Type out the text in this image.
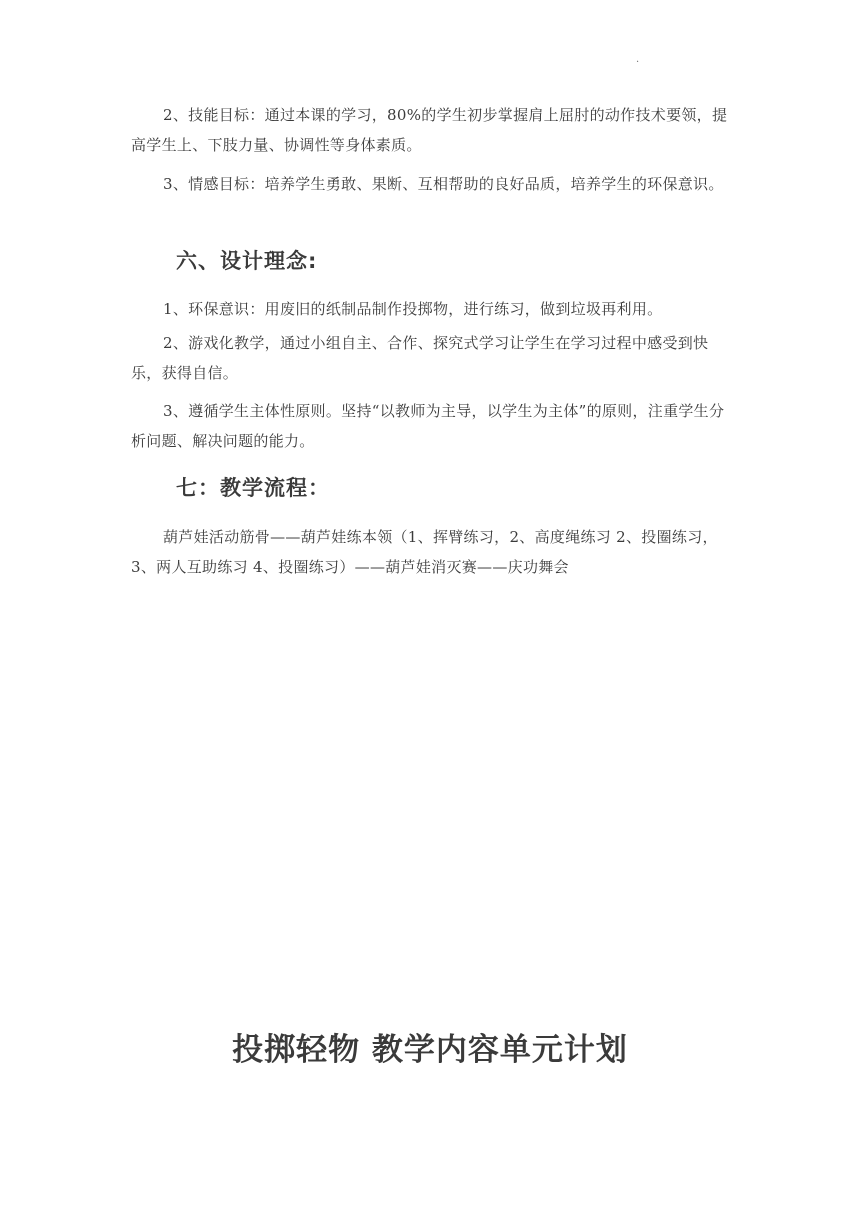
·

2、技能目标：通过本课的学习，80%的学生初步掌握肩上屈肘的动作技术要领，提高学生上、下肢力量、协调性等身体素质。

3、情感目标：培养学生勇敢、果断、互相帮助的良好品质，培养学生的环保意识。

六、设计理念:

1、环保意识：用废旧的纸制品制作投掷物，进行练习，做到垃圾再利用。

2、游戏化教学，通过小组自主、合作、探究式学习让学生在学习过程中感受到快乐，获得自信。

3、遵循学生主体性原则。坚持“以教师为主导，以学生为主体”的原则，注重学生分析问题、解决问题的能力。

七：教学流程：

葫芦娃活动筋骨——葫芦娃练本领（1、挥臂练习，2、高度绳练习 2、投圈练习，3、两人互助练习 4、投圈练习）——葫芦娃消灭赛——庆功舞会

投掷轻物 教学内容单元计划
